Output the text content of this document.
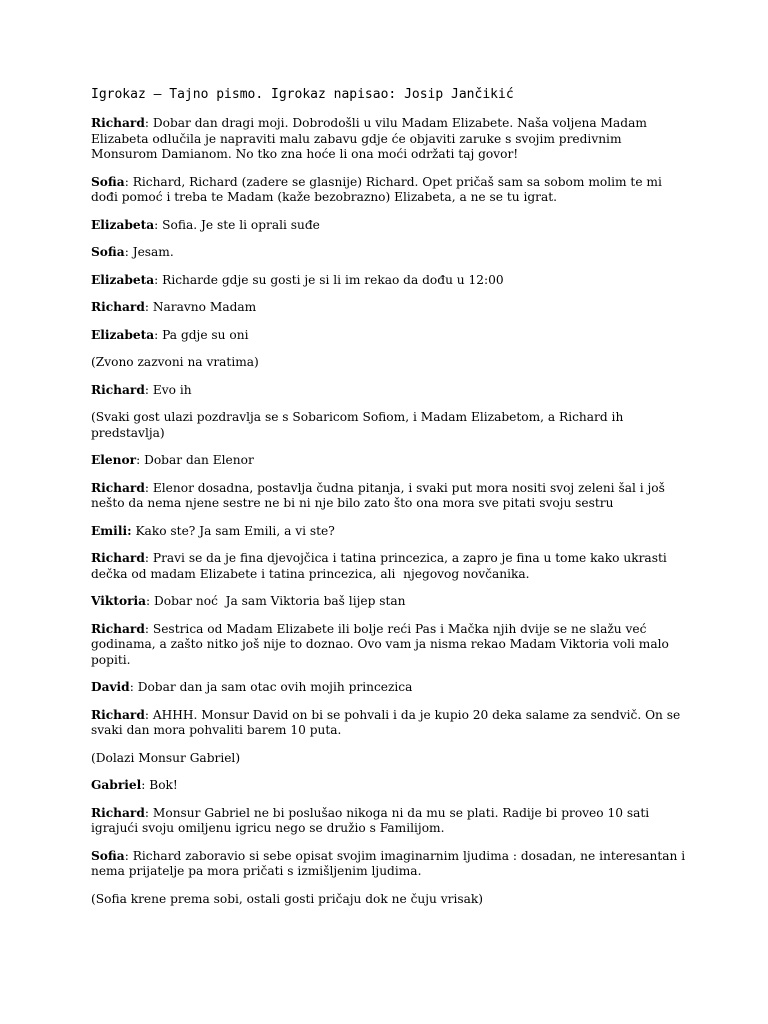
Igrokaz – Tajno pismo. Igrokaz napisao: Josip Jančikić

Richard: Dobar dan dragi moji. Dobrodošli u vilu Madam Elizabete. Naša voljena Madam Elizabeta odlučila je napraviti malu zabavu gdje će objaviti zaruke s svojim predivnim Monsurom Damianom. No tko zna hoće li ona moći održati taj govor!

Sofia: Richard, Richard (zadere se glasnije) Richard. Opet pričaš sam sa sobom molim te mi dođi pomoć i treba te Madam (kaže bezobrazno) Elizabeta, a ne se tu igrat.

Elizabeta: Sofia. Je ste li oprali suđe

Sofia: Jesam.

Elizabeta: Richarde gdje su gosti je si li im rekao da dođu u 12:00

Richard: Naravno Madam

Elizabeta: Pa gdje su oni

(Zvono zazvoni na vratima)

Richard: Evo ih

(Svaki gost ulazi pozdravlja se s Sobaricom Sofiom, i Madam Elizabetom, a Richard ih predstavlja)

Elenor: Dobar dan Elenor

Richard: Elenor dosadna, postavlja čudna pitanja, i svaki put mora nositi svoj zeleni šal i još nešto da nema njene sestre ne bi ni nje bilo zato što ona mora sve pitati svoju sestru

Emili: Kako ste? Ja sam Emili, a vi ste?

Richard: Pravi se da je fina djevojčica i tatina princezica, a zapro je fina u tome kako ukrasti dečka od madam Elizabete i tatina princezica, ali  njegovog novčanika.

Viktoria: Dobar noć  Ja sam Viktoria baš lijep stan

Richard: Sestrica od Madam Elizabete ili bolje reći Pas i Mačka njih dvije se ne slažu već godinama, a zašto nitko još nije to doznao. Ovo vam ja nisma rekao Madam Viktoria voli malo popiti.

David: Dobar dan ja sam otac ovih mojih princezica

Richard: AHHH. Monsur David on bi se pohvali i da je kupio 20 deka salame za sendvič. On se svaki dan mora pohvaliti barem 10 puta.

(Dolazi Monsur Gabriel)

Gabriel: Bok!

Richard: Monsur Gabriel ne bi poslušao nikoga ni da mu se plati. Radije bi proveo 10 sati igrajući svoju omiljenu igricu nego se družio s Familijom.

Sofia: Richard zaboravio si sebe opisat svojim imaginarnim ljudima : dosadan, ne interesantan i nema prijatelje pa mora pričati s izmišljenim ljudima.

(Sofia krene prema sobi, ostali gosti pričaju dok ne čuju vrisak)
